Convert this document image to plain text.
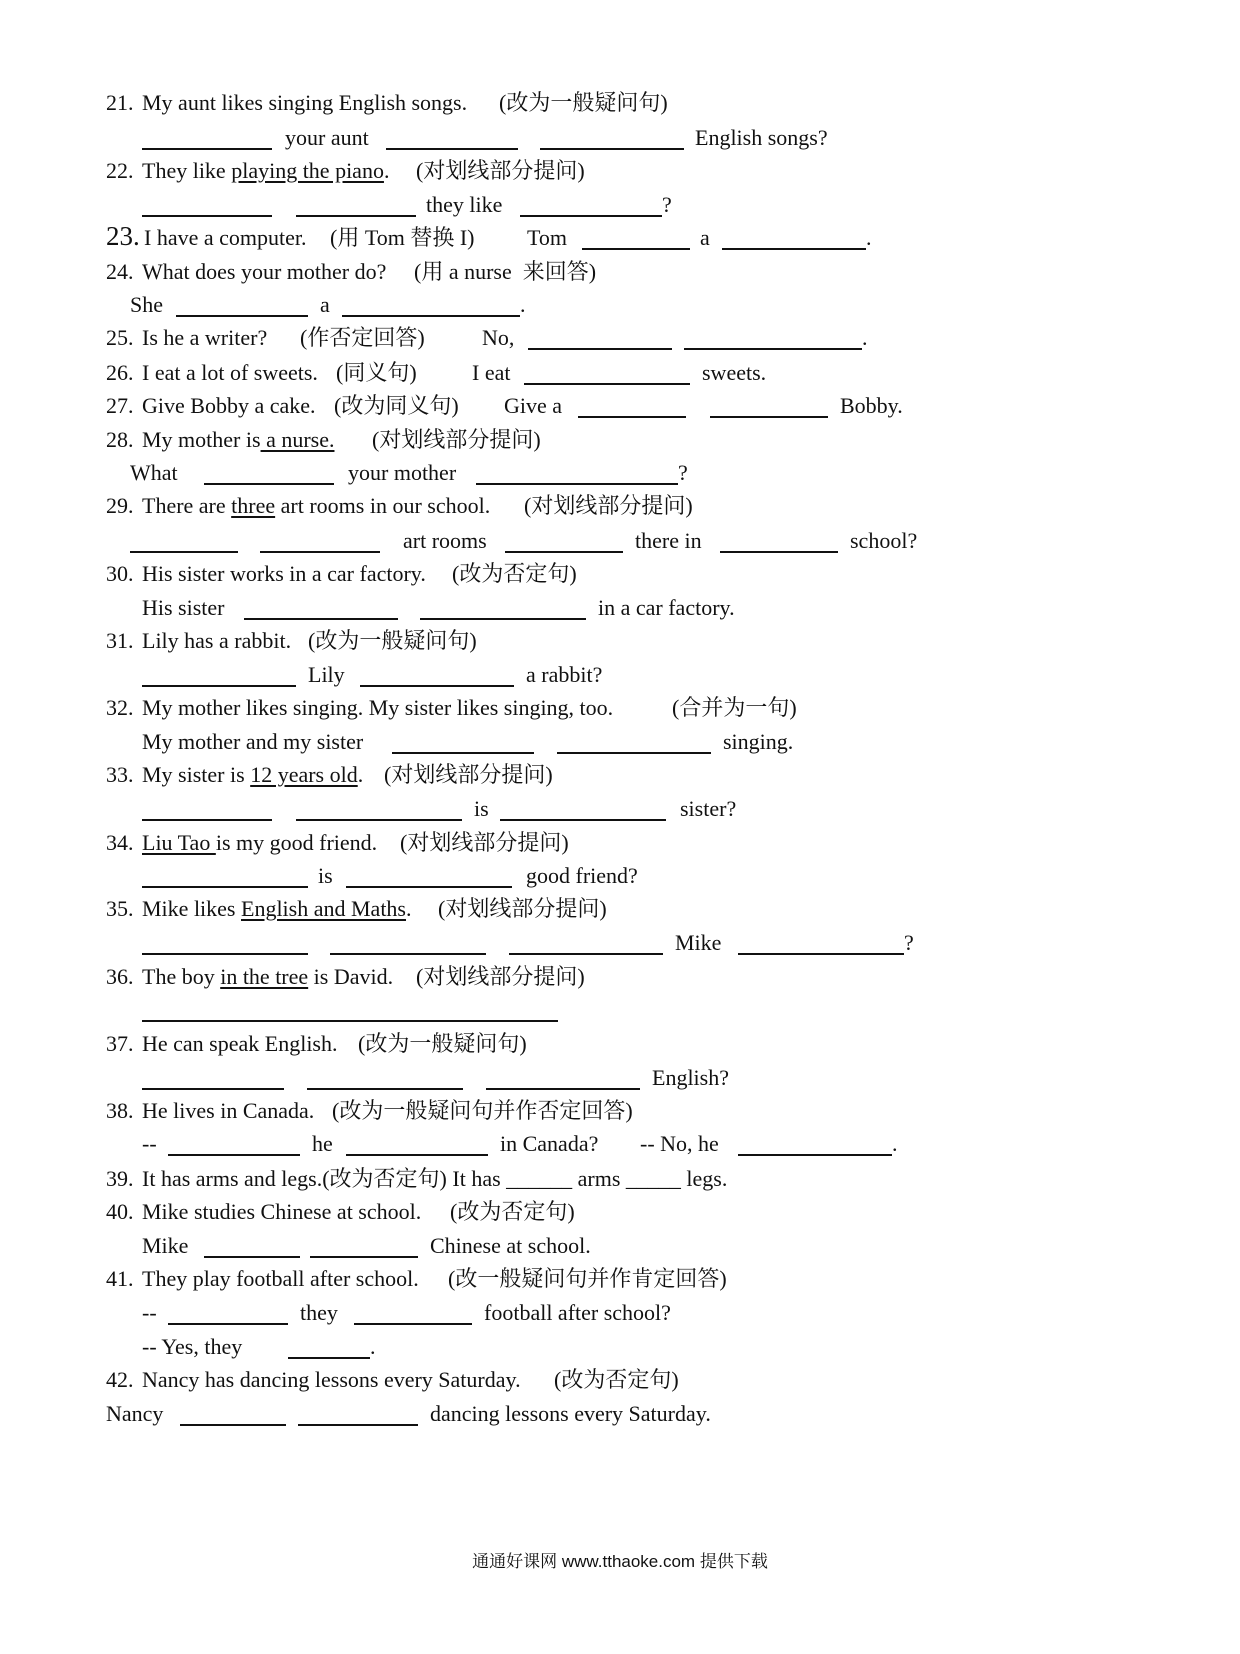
21. My aunt likes singing English songs. (改为一般疑问句)
your aunt	English songs?
22. They like playing the piano. (对划线部分提问)
they like	?
23. I have a computer. (用 Tom 替换 I) Tom	a	.
24. What does your mother do? (用 a nurse  来回答)
She	a	.
25. Is he a writer? (作否定回答)	No,	.
26. I eat a lot of sweets. (同义句)	I eat	sweets.
27. Give Bobby a cake. (改为同义句) Give a	Bobby.
28. My mother is a nurse. (对划线部分提问)
What	your mother	?
29. There are three art rooms in our school. (对划线部分提问)
art rooms	there in	school?
30. His sister works in a car factory. (改为否定句)
His sister	in a car factory.
31. Lily has a rabbit. (改为一般疑问句)
Lily	a rabbit?
32. My mother likes singing. My sister likes singing, too.	(合并为一句)
My mother and my sister	singing.
33. My sister is 12 years old. (对划线部分提问)
is	sister?
34. Liu Tao is my good friend. (对划线部分提问)
is	good friend?
35. Mike likes English and Maths. (对划线部分提问)
Mike	?
36. The boy in the tree is David. (对划线部分提问)
37. He can speak English. (改为一般疑问句)
English?
38. He lives in Canada. (改为一般疑问句并作否定回答)
--	he	in Canada? -- No, he	.
39. It has arms and legs.(改为否定句) It has ______ arms _____ legs.
40. Mike studies Chinese at school. (改为否定句)
Mike	Chinese at school.
41. They play football after school. (改一般疑问句并作肯定回答)
--	they	football after school?
-- Yes, they	.
42. Nancy has dancing lessons every Saturday. (改为否定句)
Nancy	dancing lessons every Saturday.
通通好课网 www.tthaoke.com 提供下载
